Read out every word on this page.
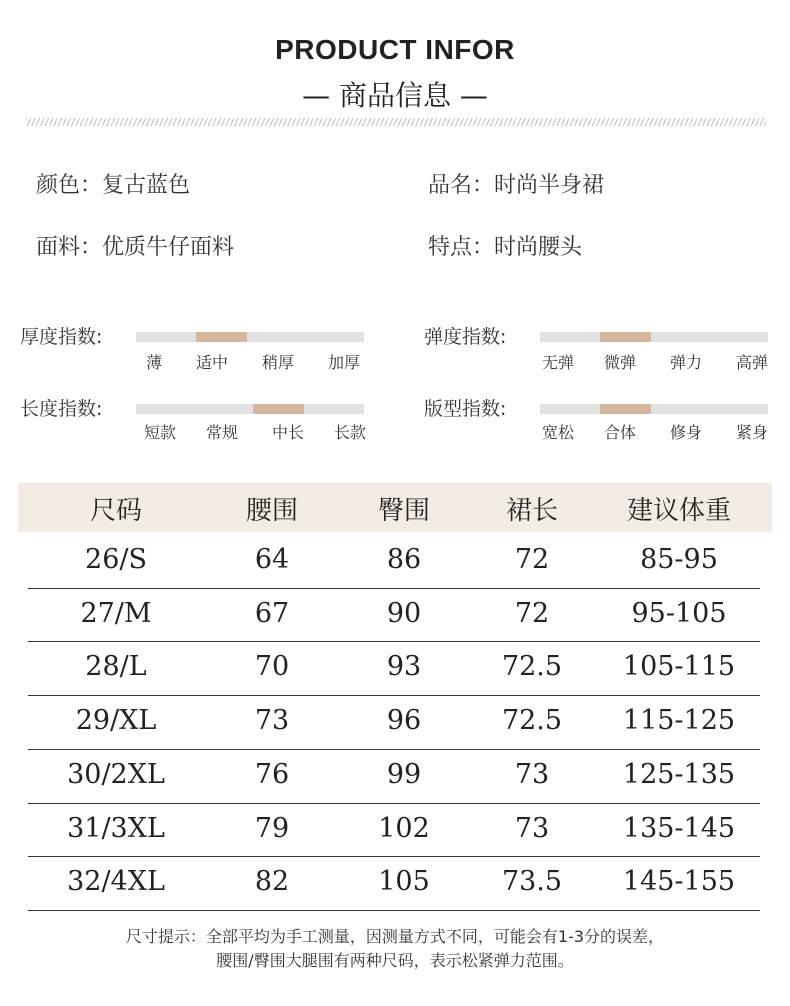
PRODUCT INFOR
— 商品信息 —
颜色：复古蓝色	品名：时尚半身裙
面料：优质牛仔面料	特点：时尚腰头
厚度指数:
薄	适中	稍厚	加厚
弹度指数:
无弹	微弹	弹力	高弹
长度指数:
短款	常规	中长	长款
版型指数:
宽松	合体	修身	紧身
尺码	腰围	臀围	裙长	建议体重
26/S	64	86	72	85-95
27/M	67	90	72	95-105
28/L	70	93	72.5	105-115
29/XL	73	96	72.5	115-125
30/2XL	76	99	73	125-135
31/3XL	79	102	73	135-145
32/4XL	82	105	73.5	145-155
尺寸提示：全部平均为手工测量，因测量方式不同，可能会有1-3分的误差，
腰围/臀围大腿围有两种尺码，表示松紧弹力范围。
